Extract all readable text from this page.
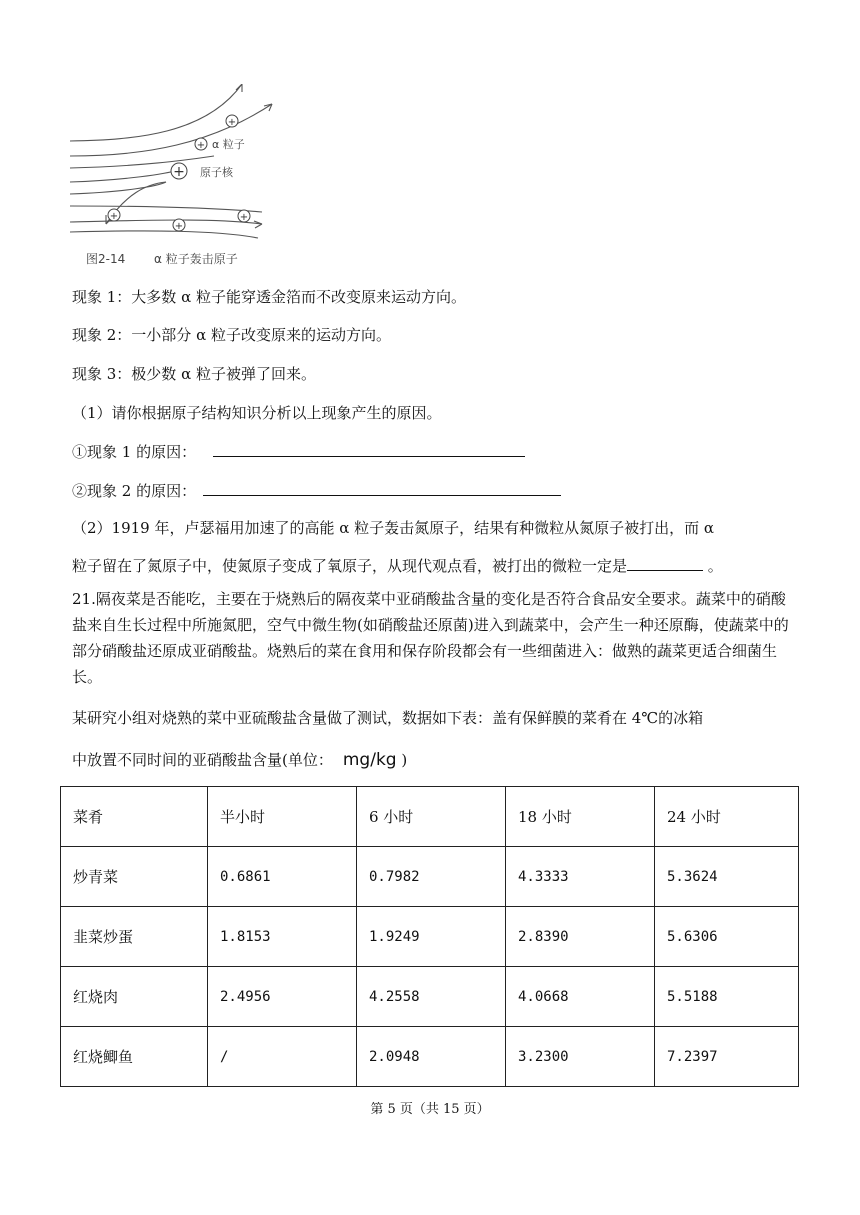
+
+
+
+
+
+
α 粒子
原子核
图2-14 α 粒子轰击原子
现象 1：大多数 α 粒子能穿透金箔而不改变原来运动方向。
现象 2：一小部分 α 粒子改变原来的运动方向。
现象 3：极少数 α 粒子被弹了回来。
（1）请你根据原子结构知识分析以上现象产生的原因。
①现象 1 的原因：
②现象 2 的原因：
（2）1919 年，卢瑟福用加速了的高能 α 粒子轰击氮原子，结果有种微粒从氮原子被打出，而 α
粒子留在了氮原子中，使氮原子变成了氧原子，从现代观点看，被打出的微粒一定是	。
21.隔夜菜是否能吃，主要在于烧熟后的隔夜菜中亚硝酸盐含量的变化是否符合食品安全要求。蔬菜中的硝酸盐来自生长过程中所施氮肥，空气中微生物(如硝酸盐还原菌)进入到蔬菜中，会产生一种还原酶，使蔬菜中的部分硝酸盐还原成亚硝酸盐。烧熟后的菜在食用和保存阶段都会有一些细菌进入：做熟的蔬菜更适合细菌生长。
某研究小组对烧熟的菜中亚硫酸盐含量做了测试，数据如下表：盖有保鲜膜的菜肴在 4℃的冰箱
中放置不同时间的亚硝酸盐含量(单位： mg/kg )
菜肴	半小时	6 小时	18 小时	24 小时
炒青菜	0.6861	0.7982	4.3333	5.3624
韭菜炒蛋	1.8153	1.9249	2.8390	5.6306
红烧肉	2.4956	4.2558	4.0668	5.5188
红烧鲫鱼	/	2.0948	3.2300	7.2397
第 5 页（共 15 页）
